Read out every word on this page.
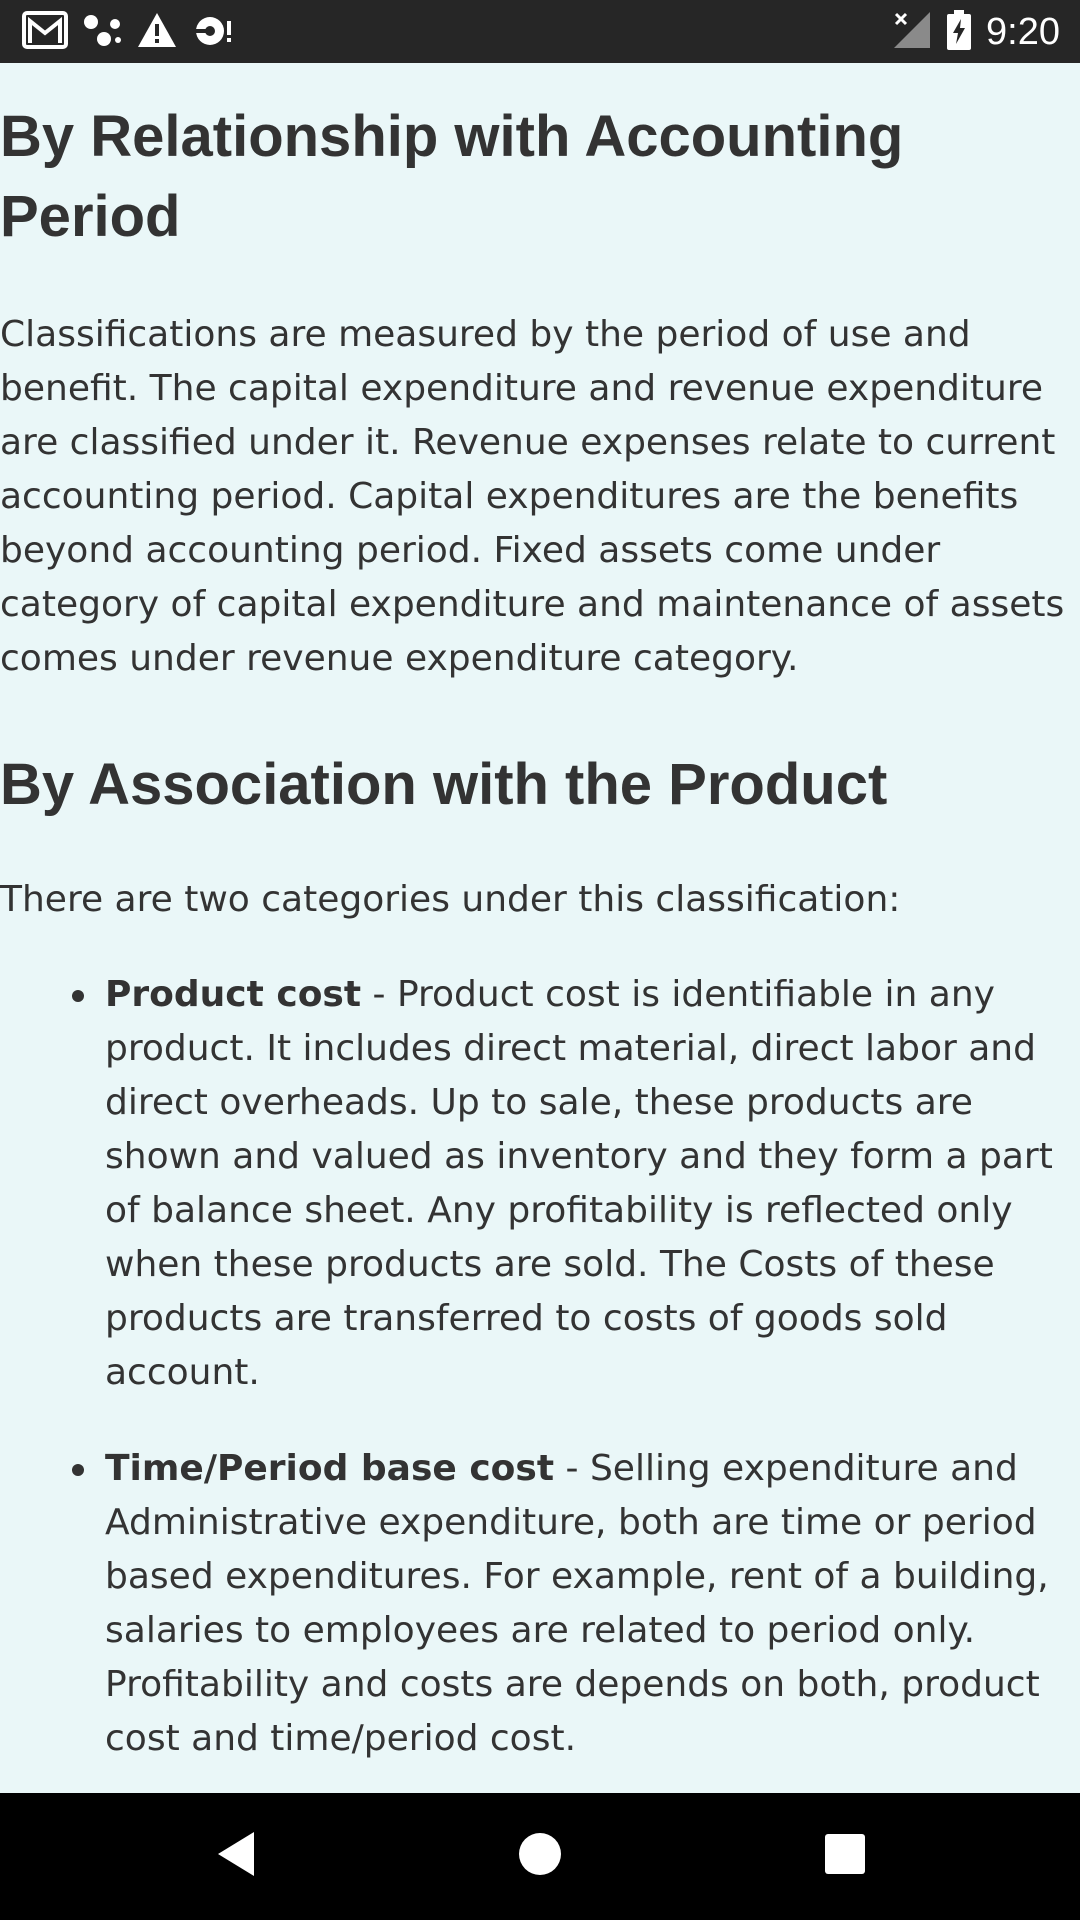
9:20
By Relationship with Accounting Period

Classifications are measured by the period of use and benefit. The capital expenditure and revenue expenditure are classified under it. Revenue expenses relate to current accounting period. Capital expenditures are the benefits beyond accounting period. Fixed assets come under category of capital expenditure and maintenance of assets comes under revenue expenditure category.

By Association with the Product

There are two categories under this classification:

Product cost - Product cost is identifiable in any product. It includes direct material, direct labor and direct overheads. Up to sale, these products are shown and valued as inventory and they form a part of balance sheet. Any profitability is reflected only when these products are sold. The Costs of these products are transferred to costs of goods sold account.
Time/Period base cost - Selling expenditure and Administrative expenditure, both are time or period based expenditures. For example, rent of a building, salaries to employees are related to period only. Profitability and costs are depends on both, product cost and time/period cost.
